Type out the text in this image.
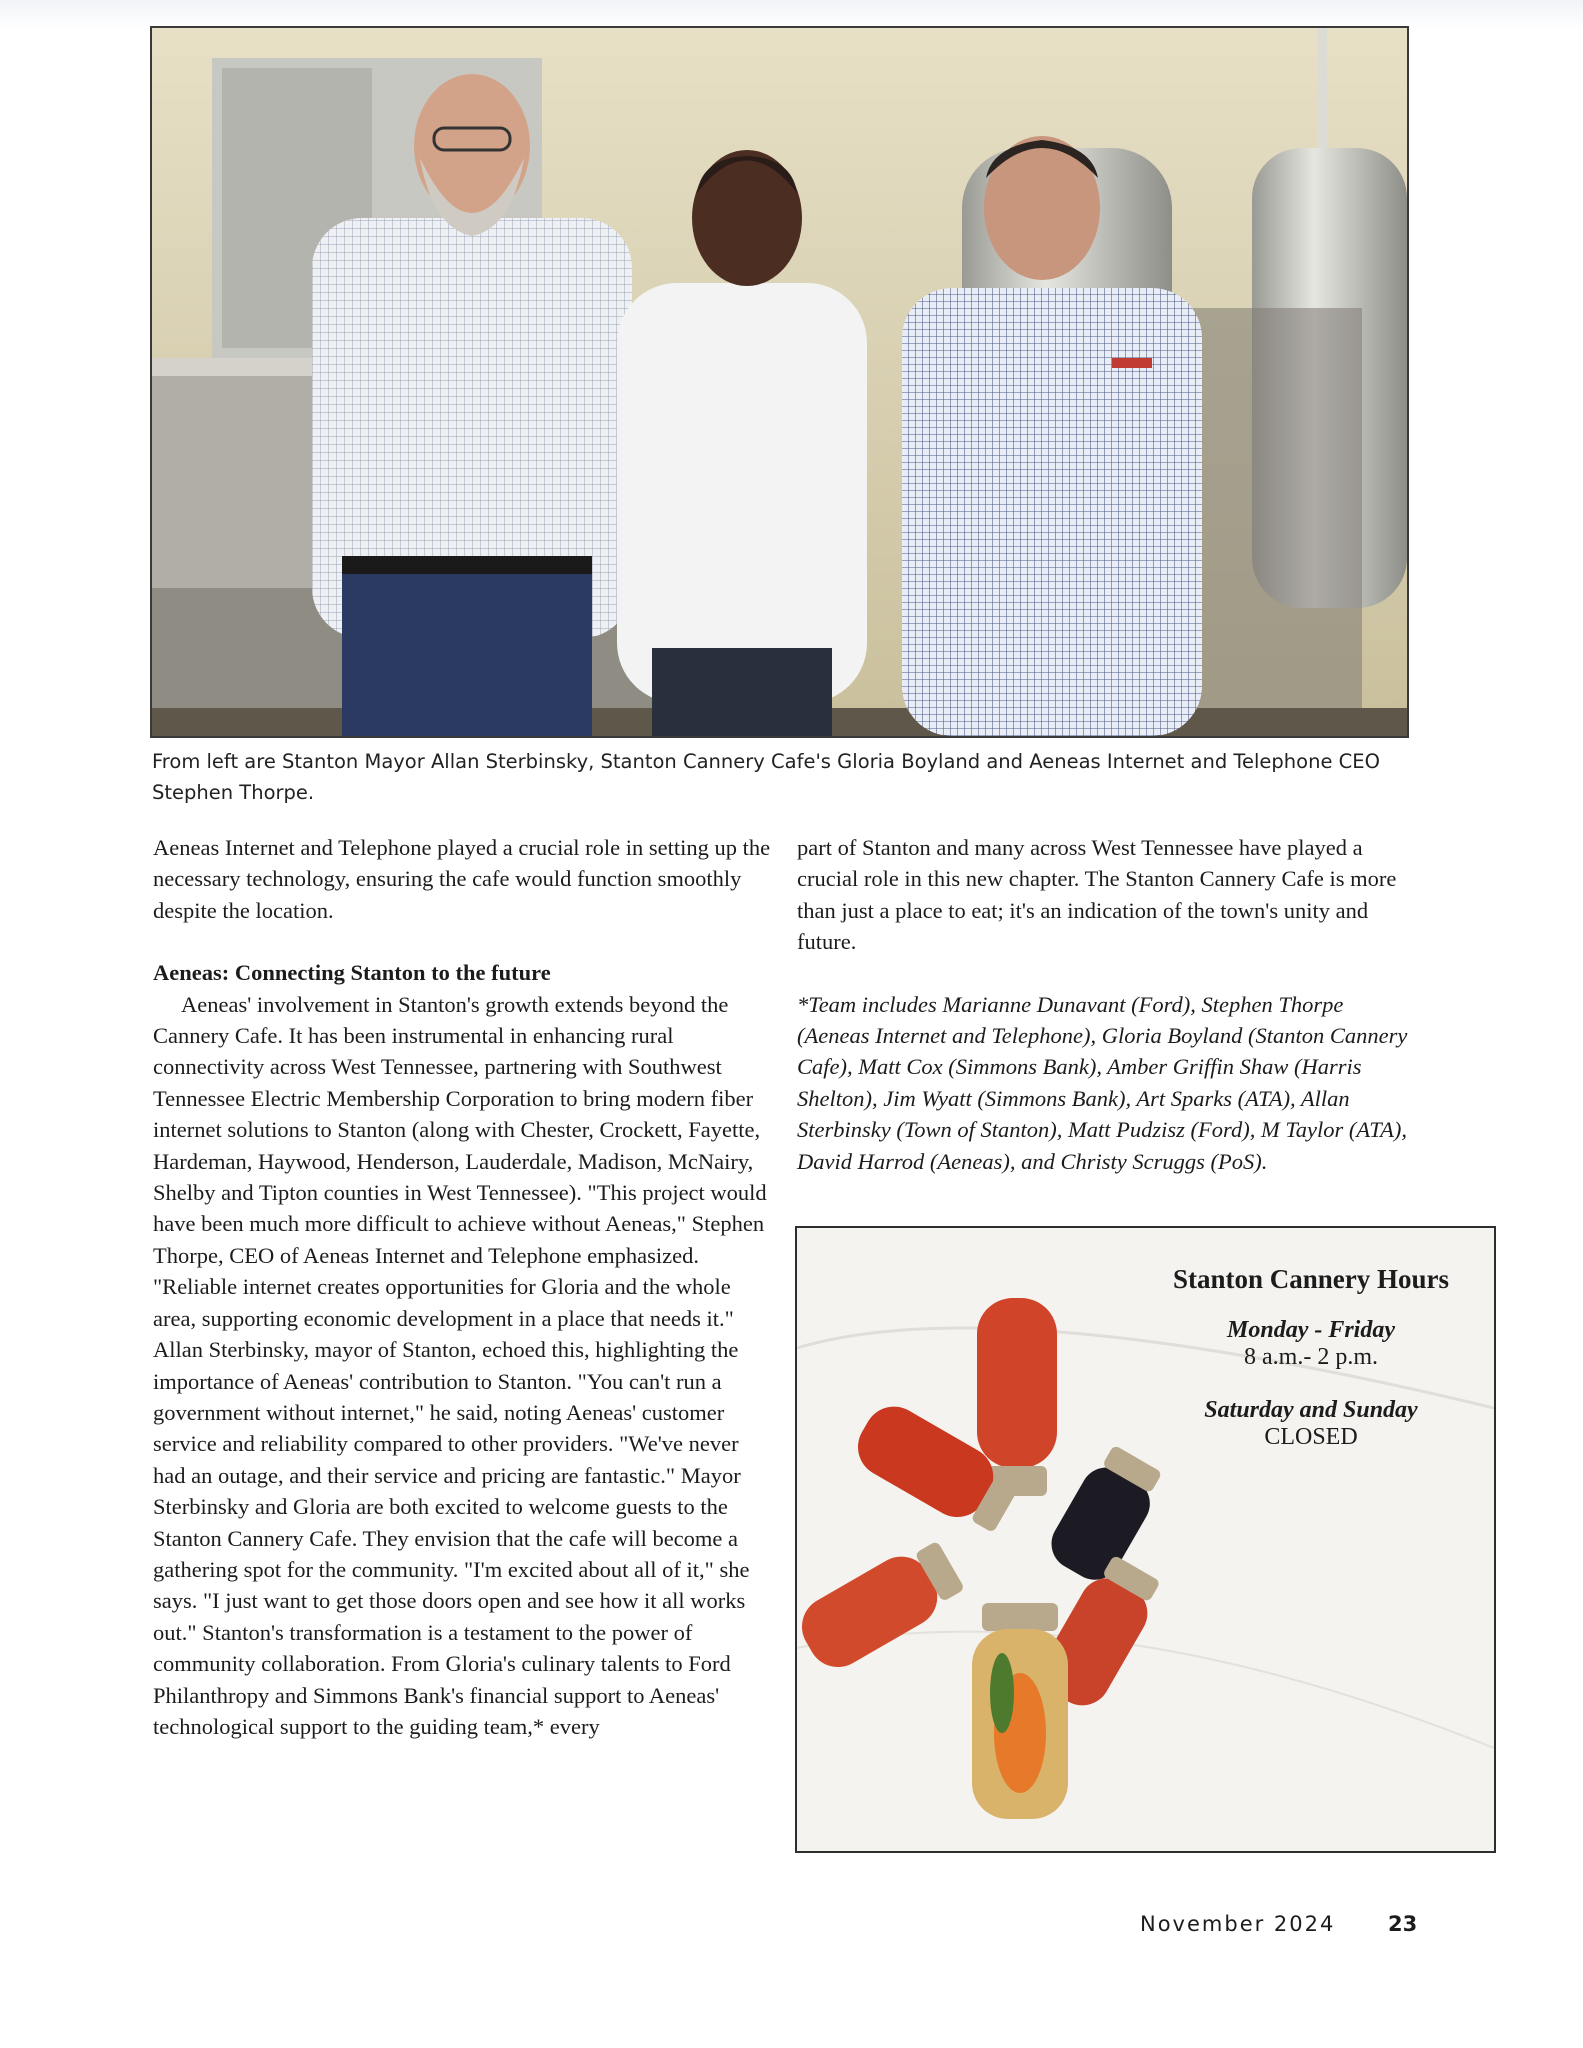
From left are Stanton Mayor Allan Sterbinsky, Stanton Cannery Cafe's Gloria Boyland and Aeneas Internet and Telephone CEO Stephen Thorpe.

Aeneas Internet and Telephone played a crucial role in setting up the necessary technology, ensuring the cafe would function smoothly despite the location.

Aeneas: Connecting Stanton to the future

Aeneas' involvement in Stanton's growth extends beyond the Cannery Cafe. It has been instrumental in enhancing rural connectivity across West Tennessee, partnering with Southwest Tennessee Electric Membership Corporation to bring modern fiber internet solutions to Stanton (along with Chester, Crockett, Fayette, Hardeman, Haywood, Henderson, Lauderdale, Madison, McNairy, Shelby and Tipton counties in West Tennessee). "This project would have been much more difficult to achieve without Aeneas," Stephen Thorpe, CEO of Aeneas Internet and Telephone emphasized. "Reliable internet creates opportunities for Gloria and the whole area, supporting economic development in a place that needs it." Allan Sterbinsky, mayor of Stanton, echoed this, highlighting the importance of Aeneas' contribution to Stanton. "You can't run a government without internet," he said, noting Aeneas' customer service and reliability compared to other providers. "We've never had an outage, and their service and pricing are fantastic." Mayor Sterbinsky and Gloria are both excited to welcome guests to the Stanton Cannery Cafe. They envision that the cafe will become a gathering spot for the community. "I'm excited about all of it," she says. "I just want to get those doors open and see how it all works out." Stanton's transformation is a testament to the power of community collaboration. From Gloria's culinary talents to Ford Philanthropy and Simmons Bank's financial support to Aeneas' technological support to the guiding team,* every

part of Stanton and many across West Tennessee have played a crucial role in this new chapter. The Stanton Cannery Cafe is more than just a place to eat; it's an indication of the town's unity and future.

*Team includes Marianne Dunavant (Ford), Stephen Thorpe (Aeneas Internet and Telephone), Gloria Boyland (Stanton Cannery Cafe), Matt Cox (Simmons Bank), Amber Griffin Shaw (Harris Shelton), Jim Wyatt (Simmons Bank), Art Sparks (ATA), Allan Sterbinsky (Town of Stanton), Matt Pudzisz (Ford), M Taylor (ATA), David Harrod (Aeneas), and Christy Scruggs (PoS).

Stanton Cannery Hours
Monday - Friday
8 a.m.- 2 p.m.
Saturday and Sunday
CLOSED
November 2024	23
